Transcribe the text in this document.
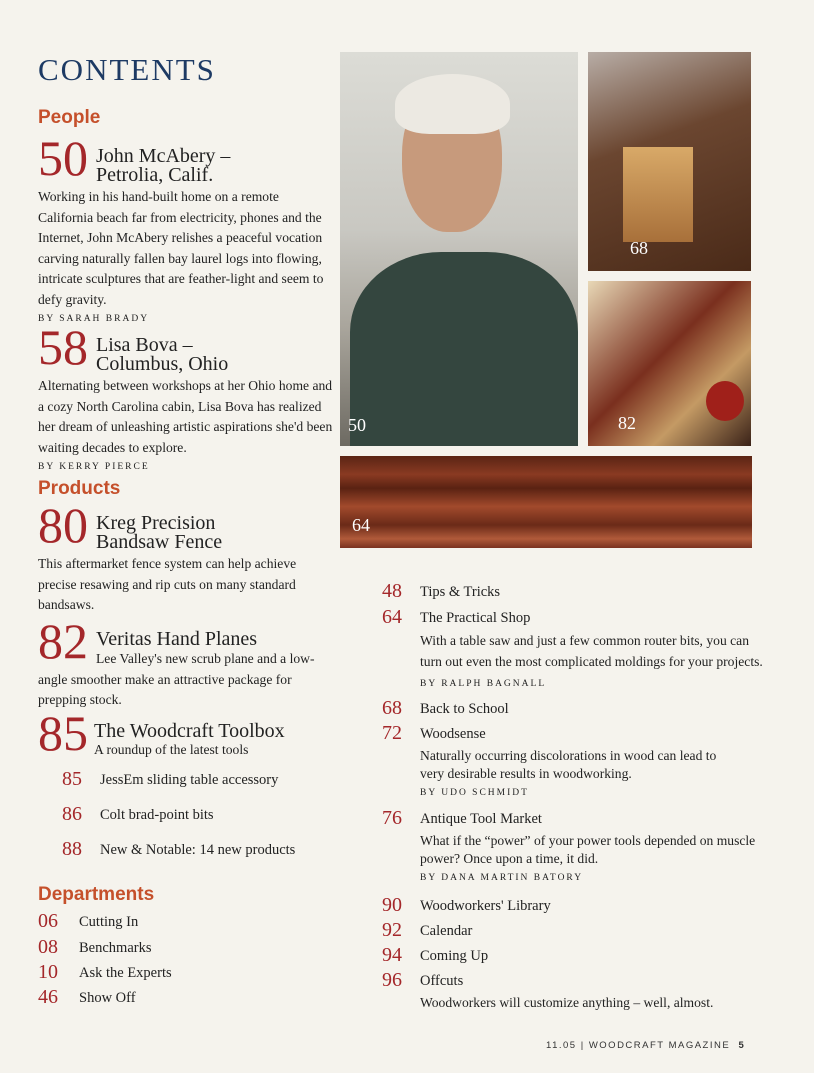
CONTENTS
People
50 John McAbery –
Petrolia, Calif.
Working in his hand-built home on a remote California beach far from electricity, phones and the Internet, John McAbery relishes a peaceful vocation carving naturally fallen bay laurel logs into flowing, intricate sculptures that are feather-light and seem to defy gravity.
BY SARAH BRADY
58 Lisa Bova –
Columbus, Ohio
Alternating between workshops at her Ohio home and a cozy North Carolina cabin, Lisa Bova has realized her dream of unleashing artistic aspirations she'd been waiting decades to explore.
BY KERRY PIERCE
Products
80 Kreg Precision
Bandsaw Fence
This aftermarket fence system can help achieve precise resawing and rip cuts on many standard bandsaws.
82 Veritas Hand Planes
Lee Valley's new scrub plane and a low-angle smoother make an attractive package for prepping stock.
85 The Woodcraft Toolbox
A roundup of the latest tools
85 JessEm sliding table accessory
86 Colt brad-point bits
88 New & Notable: 14 new products
Departments
06 Cutting In
08 Benchmarks
10 Ask the Experts
46 Show Off
50
68
82
64
48 Tips & Tricks
64 The Practical Shop
With a table saw and just a few common router bits, you can turn out even the most complicated moldings for your projects. BY RALPH BAGNALL
68 Back to School
72 Woodsense
Naturally occurring discolorations in wood can lead to very desirable results in woodworking.
BY UDO SCHMIDT
76 Antique Tool Market
What if the “power” of your power tools depended on muscle power? Once upon a time, it did.
BY DANA MARTIN BATORY
90 Woodworkers' Library
92 Calendar
94 Coming Up
96 Offcuts
Woodworkers will customize anything – well, almost.
11.05 | WOODCRAFT MAGAZINE 5
